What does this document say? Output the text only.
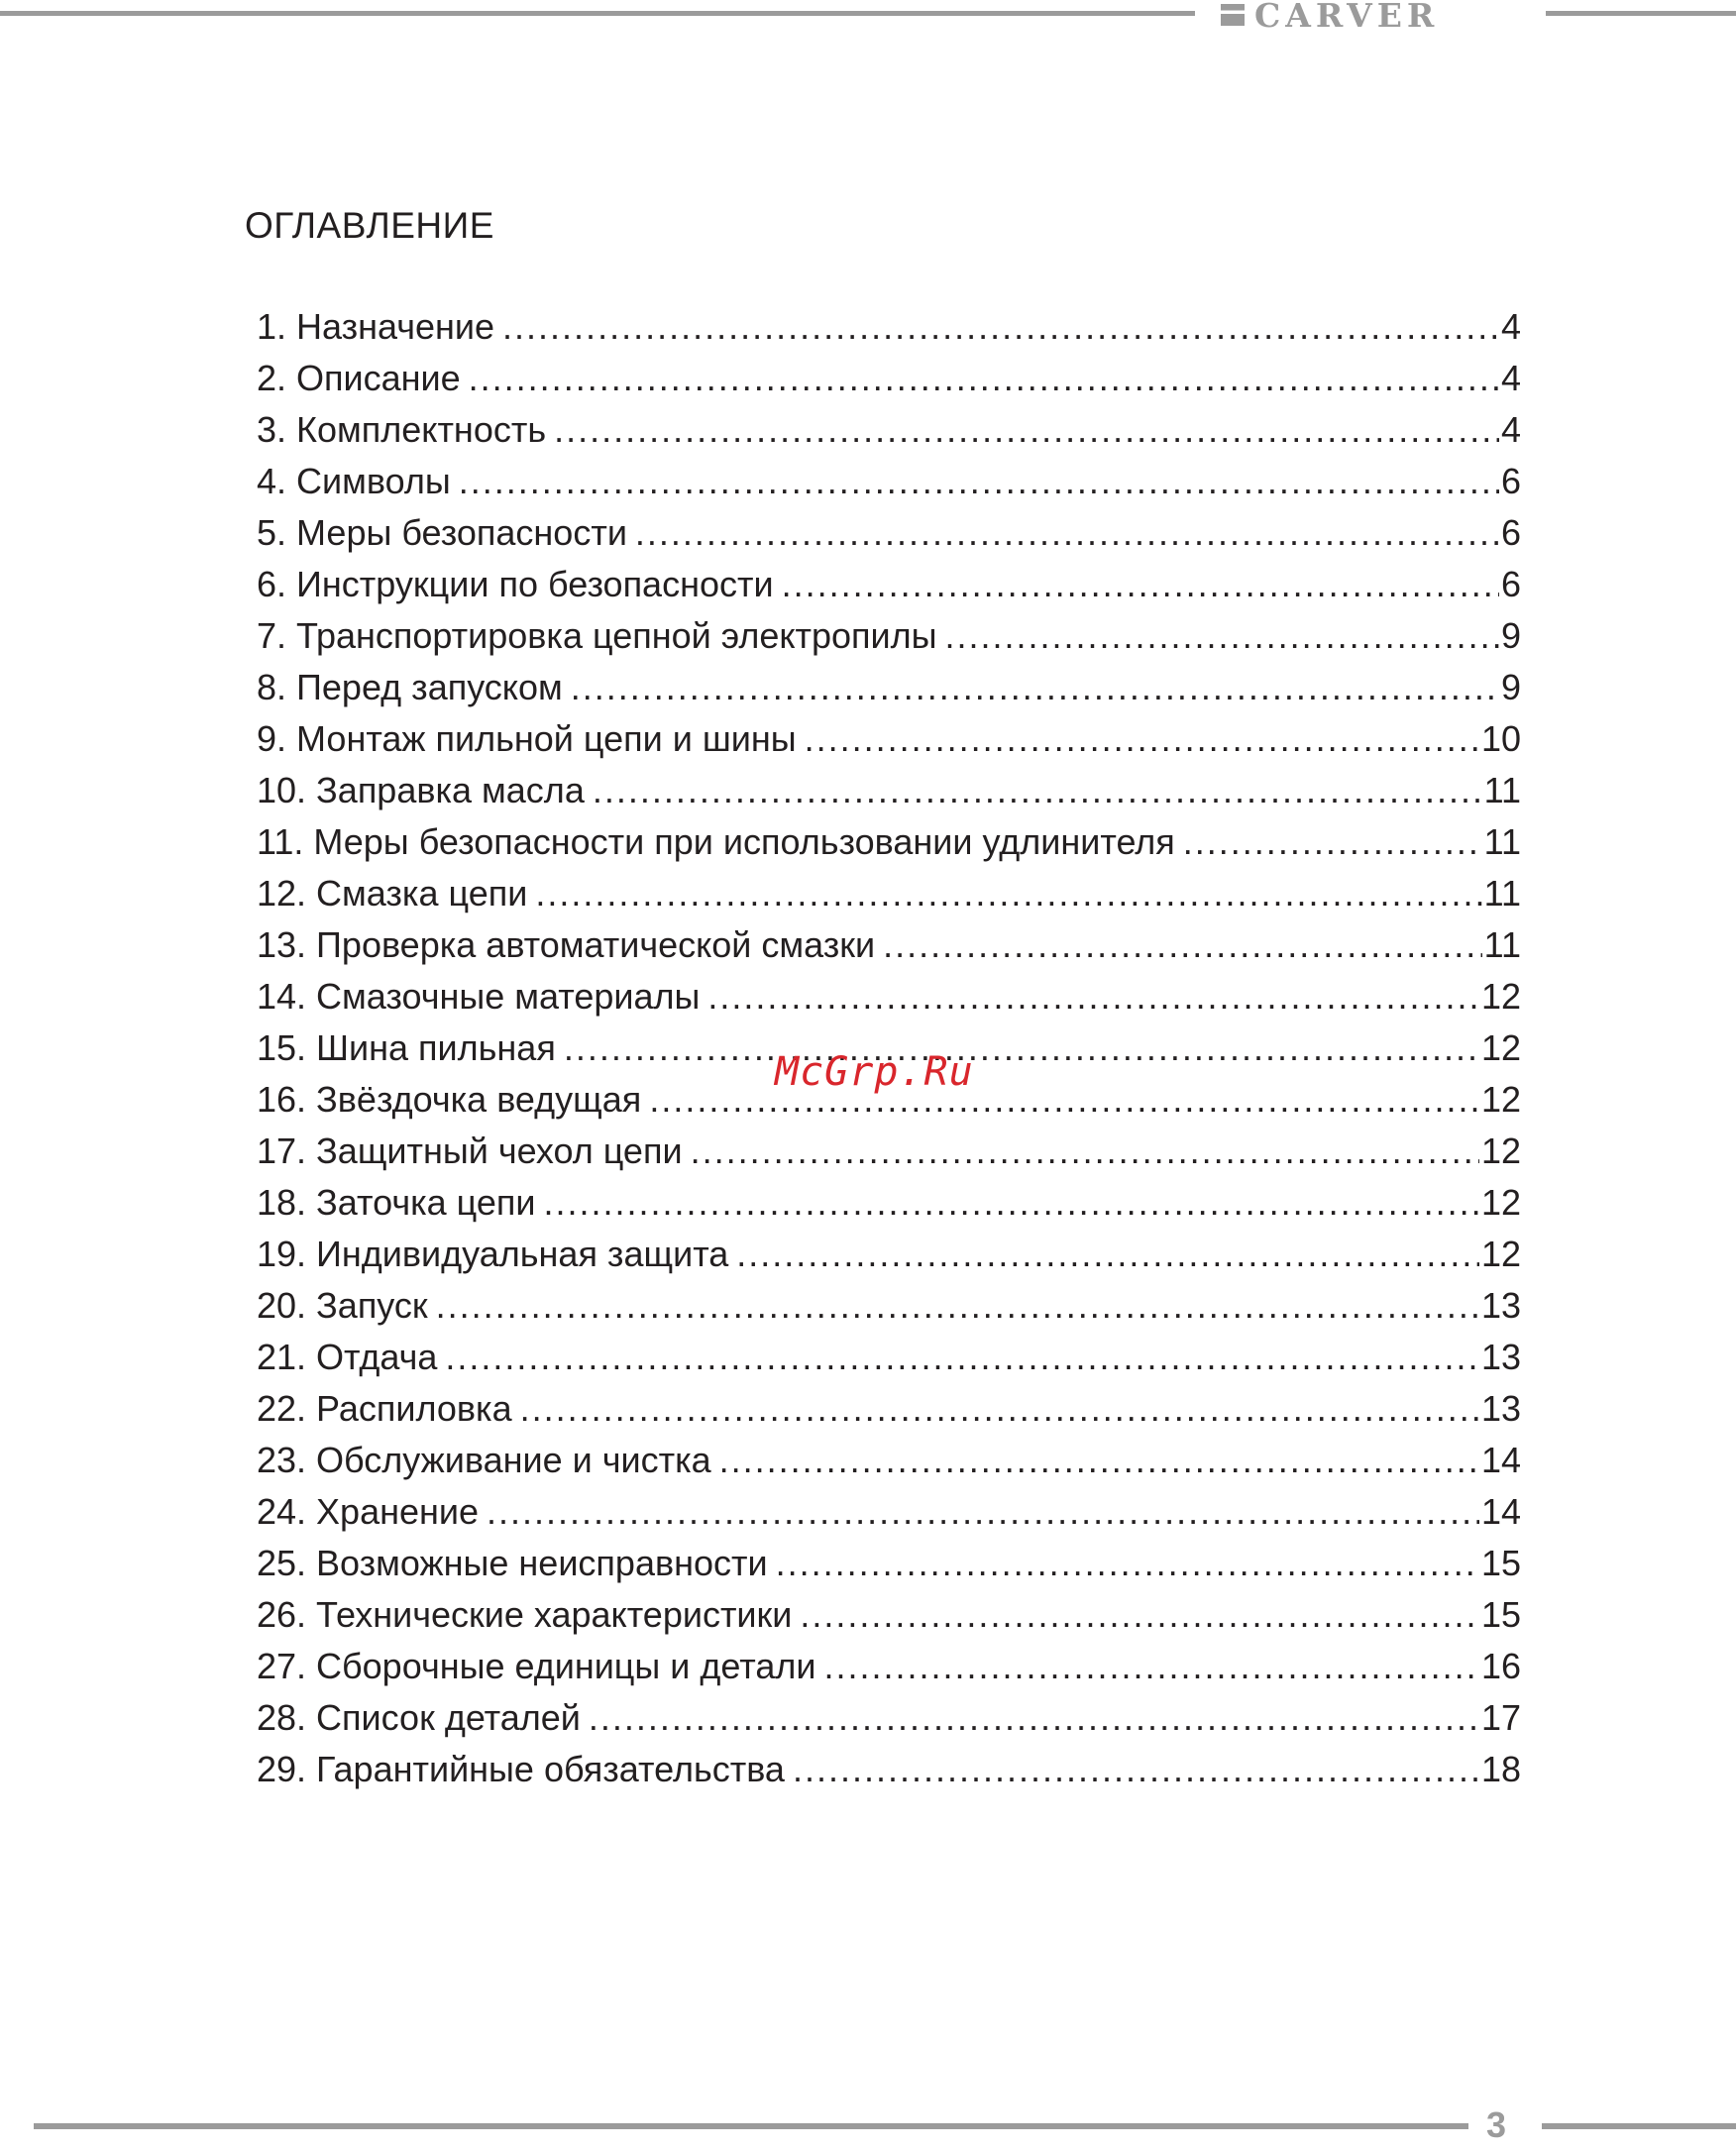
CARVER
ОГЛАВЛЕНИЕ
1. Назначение .....	4
2. Описание .....	4
3. Комплектность .....	4
4. Символы .....	6
5. Меры безопасности .....	6
6. Инструкции по безопасности .....	6
7. Транспортировка цепной электропилы .....	9
8. Перед запуском .....	9
9. Монтаж пильной цепи и шины .....	10
10. Заправка масла .....	11
11. Меры безопасности при использовании удлинителя .....	11
12. Смазка цепи .....	11
13. Проверка автоматической смазки .....	11
14. Смазочные материалы .....	12
15. Шина пильная .....	12
16. Звёздочка ведущая .....	12
17. Защитный чехол цепи .....	12
18. Заточка цепи .....	12
19. Индивидуальная защита .....	12
20. Запуск .....	13
21. Отдача .....	13
22. Распиловка .....	13
23. Обслуживание и чистка .....	14
24. Хранение .....	14
25. Возможные неисправности .....	15
26. Технические характеристики .....	15
27. Сборочные единицы и детали .....	16
28. Список деталей .....	17
29. Гарантийные обязательства .....	18
McGrp.Ru
3
